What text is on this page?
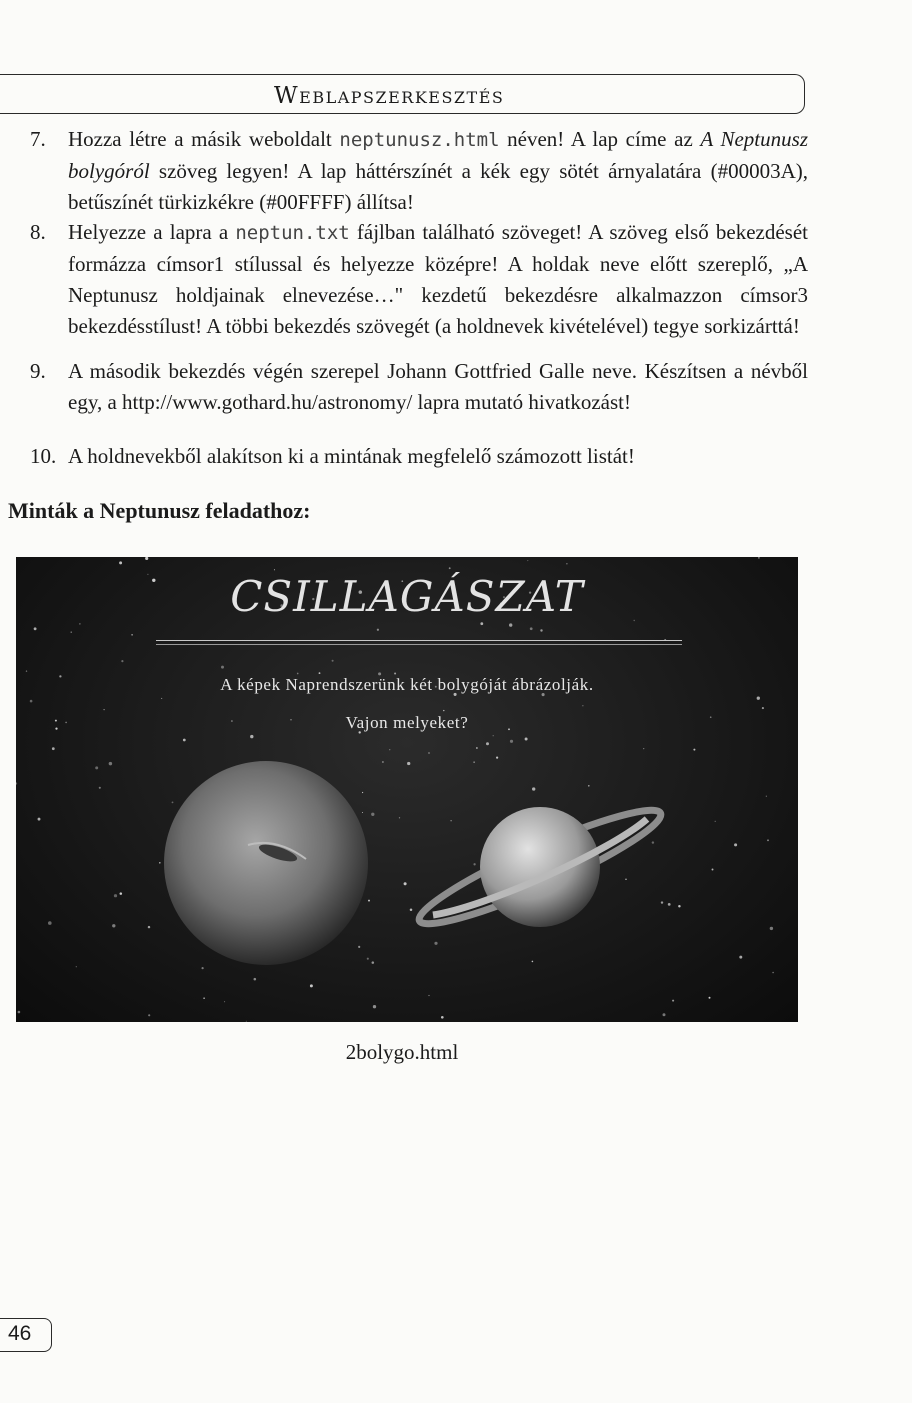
Weblapszerkesztés
7.	Hozza létre a másik weboldalt neptunusz.html néven! A lap címe az A Neptunusz bolygóról szöveg legyen! A lap háttérszínét a kék egy sötét árnyalatára (#00003A), betűszínét türkizkékre (#00FFFF) állítsa!
8.	Helyezze a lapra a neptun.txt fájlban található szöveget! A szöveg első bekezdését formázza címsor1 stílussal és helyezze középre! A holdak neve előtt szereplő, „A Neptunusz holdjainak elnevezése…" kezdetű bekezdésre alkalmazzon címsor3 bekezdésstílust! A többi bekezdés szövegét (a holdnevek kivételével) tegye sorkizárttá!
9.	A második bekezdés végén szerepel Johann Gottfried Galle neve. Készítsen a névből egy, a http://www.gothard.hu/astronomy/ lapra mutató hivatkozást!
10. A holdnevekből alakítson ki a mintának megfelelő számozott listát!
Minták a Neptunusz feladathoz:
CSILLAGÁSZAT
A képek Naprendszerünk két bolygóját ábrázolják.
Vajon melyeket?
2bolygo.html
46
